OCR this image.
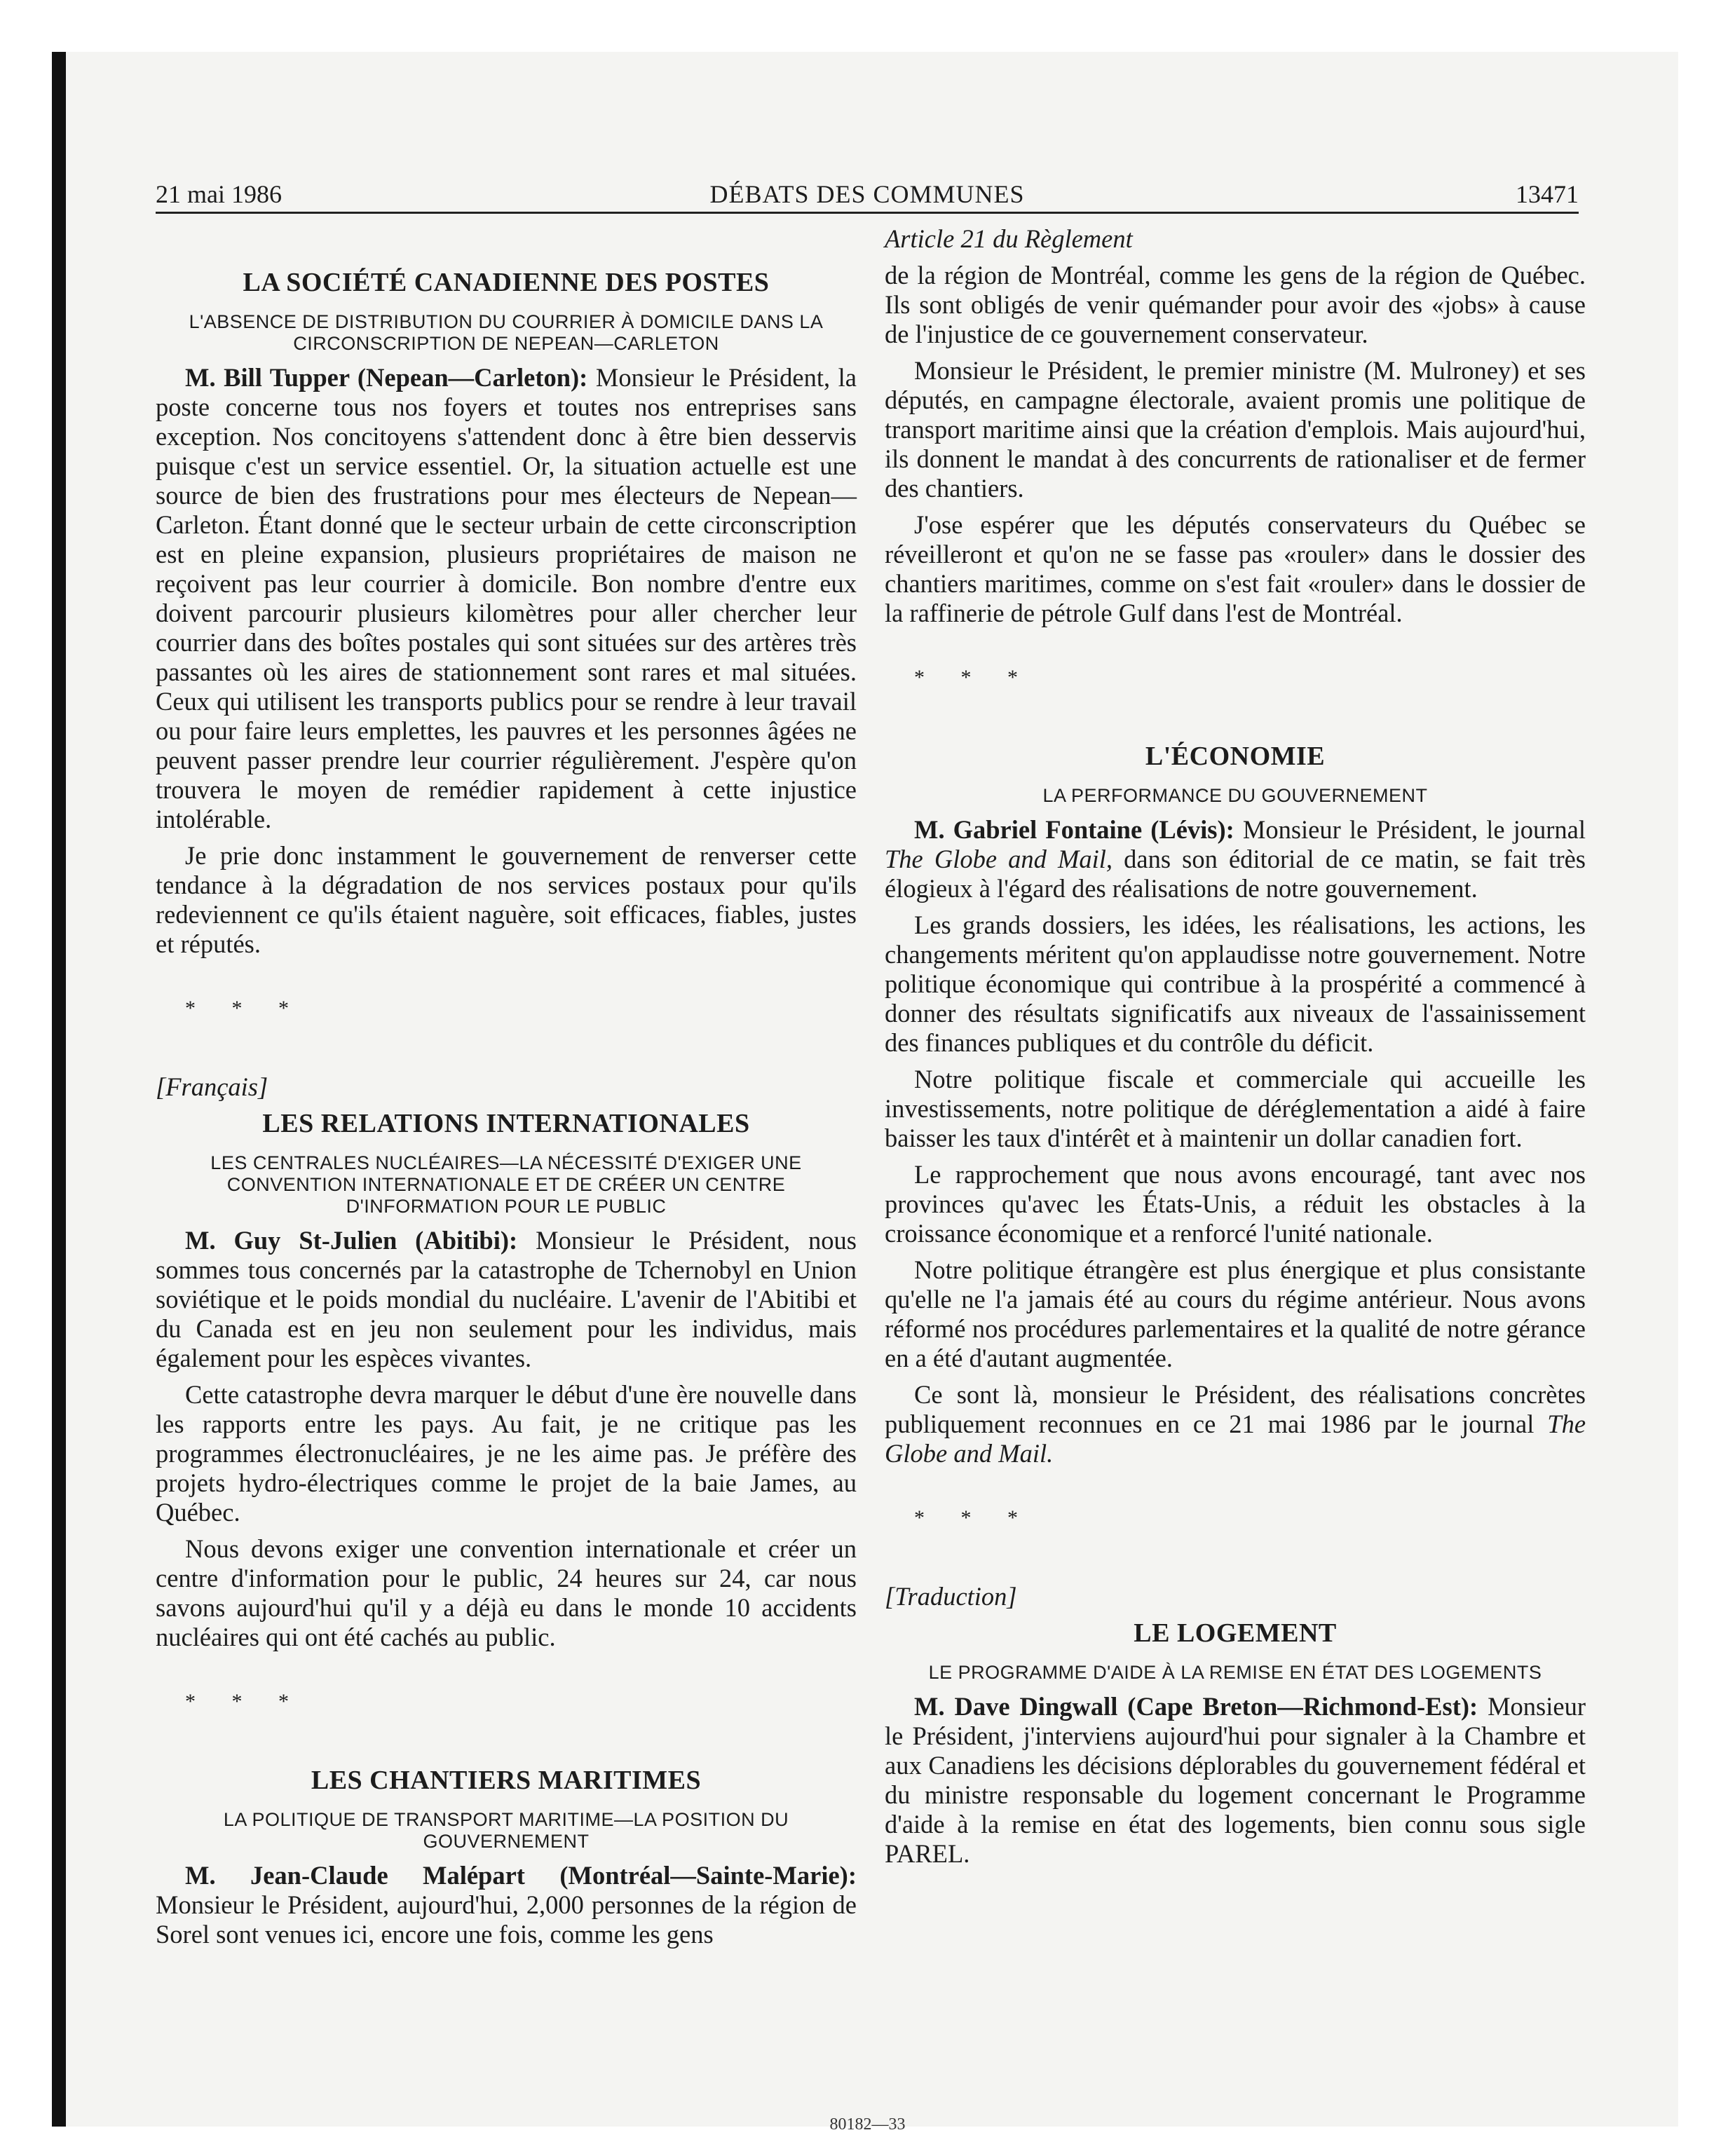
21 mai 1986	DÉBATS DES COMMUNES	13471
LA SOCIÉTÉ CANADIENNE DES POSTES
L'ABSENCE DE DISTRIBUTION DU COURRIER À DOMICILE DANS LA CIRCONSCRIPTION DE NEPEAN—CARLETON

M. Bill Tupper (Nepean—Carleton): Monsieur le Président, la poste concerne tous nos foyers et toutes nos entreprises sans exception. Nos concitoyens s'attendent donc à être bien desservis puisque c'est un service essentiel. Or, la situation actuelle est une source de bien des frustrations pour mes électeurs de Nepean—Carleton. Étant donné que le secteur urbain de cette circonscription est en pleine expansion, plusieurs propriétaires de maison ne reçoivent pas leur courrier à domicile. Bon nombre d'entre eux doivent parcourir plusieurs kilomètres pour aller chercher leur courrier dans des boîtes postales qui sont situées sur des artères très passantes où les aires de stationnement sont rares et mal situées. Ceux qui utilisent les transports publics pour se rendre à leur travail ou pour faire leurs emplettes, les pauvres et les personnes âgées ne peuvent passer prendre leur courrier régulièrement. J'espère qu'on trouvera le moyen de remédier rapidement à cette injustice intolérable.

Je prie donc instamment le gouvernement de renverser cette tendance à la dégradation de nos services postaux pour qu'ils redeviennent ce qu'ils étaient naguère, soit efficaces, fiables, justes et réputés.

* * *

[Français]

LES RELATIONS INTERNATIONALES
LES CENTRALES NUCLÉAIRES—LA NÉCESSITÉ D'EXIGER UNE CONVENTION INTERNATIONALE ET DE CRÉER UN CENTRE D'INFORMATION POUR LE PUBLIC

M. Guy St-Julien (Abitibi): Monsieur le Président, nous sommes tous concernés par la catastrophe de Tchernobyl en Union soviétique et le poids mondial du nucléaire. L'avenir de l'Abitibi et du Canada est en jeu non seulement pour les individus, mais également pour les espèces vivantes.

Cette catastrophe devra marquer le début d'une ère nouvelle dans les rapports entre les pays. Au fait, je ne critique pas les programmes électronucléaires, je ne les aime pas. Je préfère des projets hydro-électriques comme le projet de la baie James, au Québec.

Nous devons exiger une convention internationale et créer un centre d'information pour le public, 24 heures sur 24, car nous savons aujourd'hui qu'il y a déjà eu dans le monde 10 accidents nucléaires qui ont été cachés au public.

* * *

LES CHANTIERS MARITIMES
LA POLITIQUE DE TRANSPORT MARITIME—LA POSITION DU GOUVERNEMENT

M. Jean-Claude Malépart (Montréal—Sainte-Marie): Monsieur le Président, aujourd'hui, 2,000 personnes de la région de Sorel sont venues ici, encore une fois, comme les gens

Article 21 du Règlement

de la région de Montréal, comme les gens de la région de Québec. Ils sont obligés de venir quémander pour avoir des «jobs» à cause de l'injustice de ce gouvernement conservateur.

Monsieur le Président, le premier ministre (M. Mulroney) et ses députés, en campagne électorale, avaient promis une politique de transport maritime ainsi que la création d'emplois. Mais aujourd'hui, ils donnent le mandat à des concurrents de rationaliser et de fermer des chantiers.

J'ose espérer que les députés conservateurs du Québec se réveilleront et qu'on ne se fasse pas «rouler» dans le dossier des chantiers maritimes, comme on s'est fait «rouler» dans le dossier de la raffinerie de pétrole Gulf dans l'est de Montréal.

* * *

L'ÉCONOMIE
LA PERFORMANCE DU GOUVERNEMENT

M. Gabriel Fontaine (Lévis): Monsieur le Président, le journal The Globe and Mail, dans son éditorial de ce matin, se fait très élogieux à l'égard des réalisations de notre gouvernement.

Les grands dossiers, les idées, les réalisations, les actions, les changements méritent qu'on applaudisse notre gouvernement. Notre politique économique qui contribue à la prospérité a commencé à donner des résultats significatifs aux niveaux de l'assainissement des finances publiques et du contrôle du déficit.

Notre politique fiscale et commerciale qui accueille les investissements, notre politique de déréglementation a aidé à faire baisser les taux d'intérêt et à maintenir un dollar canadien fort.

Le rapprochement que nous avons encouragé, tant avec nos provinces qu'avec les États-Unis, a réduit les obstacles à la croissance économique et a renforcé l'unité nationale.

Notre politique étrangère est plus énergique et plus consistante qu'elle ne l'a jamais été au cours du régime antérieur. Nous avons réformé nos procédures parlementaires et la qualité de notre gérance en a été d'autant augmentée.

Ce sont là, monsieur le Président, des réalisations concrètes publiquement reconnues en ce 21 mai 1986 par le journal The Globe and Mail.

* * *

[Traduction]

LE LOGEMENT
LE PROGRAMME D'AIDE À LA REMISE EN ÉTAT DES LOGEMENTS

M. Dave Dingwall (Cape Breton—Richmond-Est): Monsieur le Président, j'interviens aujourd'hui pour signaler à la Chambre et aux Canadiens les décisions déplorables du gouvernement fédéral et du ministre responsable du logement concernant le Programme d'aide à la remise en état des logements, bien connu sous sigle PAREL.

80182—33
